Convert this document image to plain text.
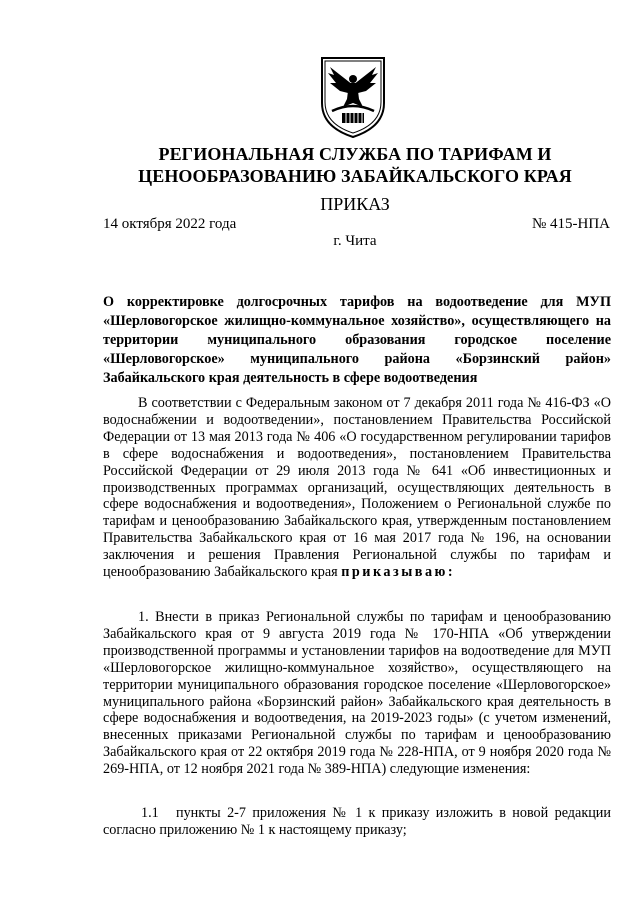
РЕГИОНАЛЬНАЯ СЛУЖБА ПО ТАРИФАМ И
ЦЕНООБРАЗОВАНИЮ ЗАБАЙКАЛЬСКОГО КРАЯ
ПРИКАЗ
14 октября 2022 года	№ 415-НПА
г. Чита
О корректировке долгосрочных тарифов на водоотведение для МУП «Шерловогорское жилищно-коммунальное хозяйство», осуществляющего на территории муниципального образования городское поселение «Шерловогорское» муниципального района «Борзинский район» Забайкальского края деятельность в сфере водоотведения
В соответствии с Федеральным законом от 7 декабря 2011 года № 416-ФЗ «О водоснабжении и водоотведении», постановлением Правительства Российской Федерации от 13 мая 2013 года № 406 «О государственном регулировании тарифов в сфере водоснабжения и водоотведения», постановлением Правительства Российской Федерации от 29 июля 2013 года № 641 «Об инвестиционных и производственных программах организаций, осуществляющих деятельность в сфере водоснабжения и водоотведения», Положением о Региональной службе по тарифам и ценообразованию Забайкальского края, утвержденным постановлением Правительства Забайкальского края от 16 мая 2017 года № 196, на основании заключения и решения Правления Региональной службы по тарифам и ценообразованию Забайкальского края приказываю:
1. Внести в приказ Региональной службы по тарифам и ценообразованию Забайкальского края от 9 августа 2019 года № 170-НПА «Об утверждении производственной программы и установлении тарифов на водоотведение для МУП «Шерловогорское жилищно-коммунальное хозяйство», осуществляющего на территории муниципального образования городское поселение «Шерловогорское» муниципального района «Борзинский район» Забайкальского края деятельность в сфере водоснабжения и водоотведения, на 2019-2023 годы» (с учетом изменений, внесенных приказами Региональной службы по тарифам и ценообразованию Забайкальского края от 22 октября 2019 года № 228-НПА, от 9 ноября 2020 года № 269-НПА, от 12 ноября 2021 года № 389-НПА) следующие изменения:
1.1 пункты 2-7 приложения № 1 к приказу изложить в новой редакции согласно приложению № 1 к настоящему приказу;
